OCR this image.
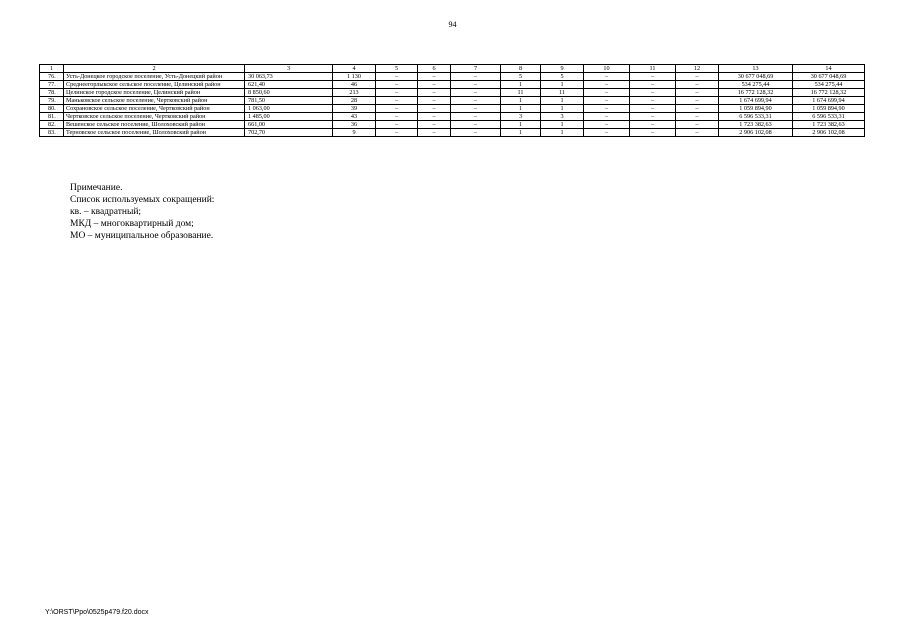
94
1	2	3	4	5	6	7	8	9	10	11	12	13	14
76.	Усть-Донецкое городское поселение, Усть-Донецкий район	30 063,73	1 130	–	–	–	5	5	–	–	–	30 677 048,69	30 677 048,69
77.	Среднеегорлыкское сельское поселение, Целинский район	621,40	46	–	–	–	1	1	–	–	–	534 275,44	534 275,44
78.	Целинское городское поселение, Целинский район	8 850,60	213	–	–	–	11	11	–	–	–	16 772 128,32	16 772 128,32
79.	Маньковское сельское поселение, Чертковский район	781,50	28	–	–	–	1	1	–	–	–	1 674 699,94	1 674 699,94
80.	Сохрановское сельское поселение, Чертковский район	1 063,00	39	–	–	–	1	1	–	–	–	1 059 894,90	1 059 894,90
81.	Чертковское сельское поселение, Чертковский район	1 485,00	43	–	–	–	3	3	–	–	–	6 596 533,31	6 596 533,31
82.	Вешенское сельское поселение, Шолоховский район	661,00	36	–	–	–	1	1	–	–	–	1 723 382,63	1 723 382,63
83.	Терновское сельское поселение, Шолоховский район	702,70	9	–	–	–	1	1	–	–	–	2 906 102,08	2 906 102,08
Примечание.
Список используемых сокращений:
кв. – квадратный;
МКД – многоквартирный дом;
МО – муниципальное образование.
Y:\ORST\Ppo\0525p479.f20.docx
